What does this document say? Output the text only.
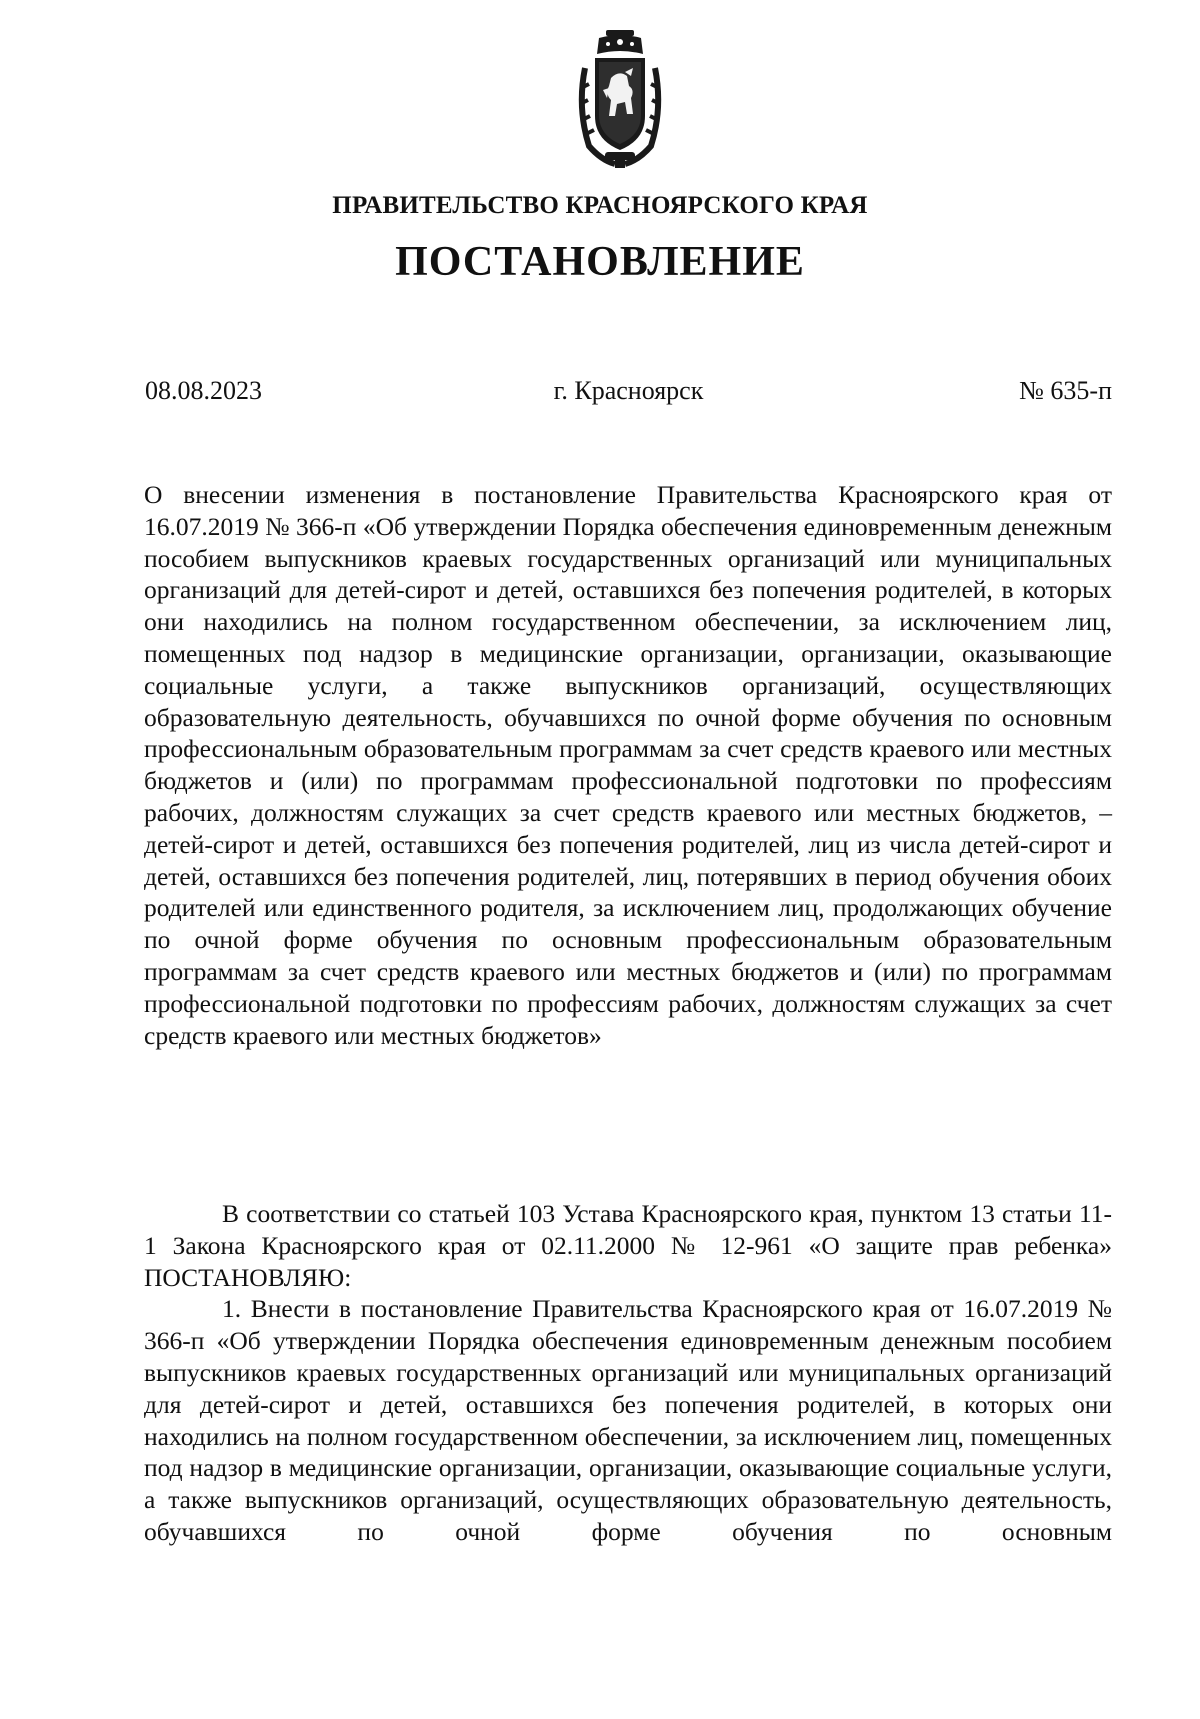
ПРАВИТЕЛЬСТВО КРАСНОЯРСКОГО КРАЯ
ПОСТАНОВЛЕНИЕ
08.08.2023	г. Красноярск	№ 635-п
О внесении изменения в постановление Правительства Красноярского края от 16.07.2019 № 366-п «Об утверждении Порядка обеспечения единовременным денежным пособием выпускников краевых государственных организаций или муниципальных организаций для детей-сирот и детей, оставшихся без попечения родителей, в которых они находились на полном государственном обеспечении, за исключением лиц, помещенных под надзор в медицинские организации, организации, оказывающие социальные услуги, а также выпускников организаций, осуществляющих образовательную деятельность, обучавшихся по очной форме обучения по основным профессиональным образовательным программам за счет средств краевого или местных бюджетов и (или) по программам профессиональной подготовки по профессиям рабочих, должностям служащих за счет средств краевого или местных бюджетов, – детей-сирот и детей, оставшихся без попечения родителей, лиц из числа детей-сирот и детей, оставшихся без попечения родителей, лиц, потерявших в период обучения обоих родителей или единственного родителя, за исключением лиц, продолжающих обучение по очной форме обучения по основным профессиональным образовательным программам за счет средств краевого или местных бюджетов и (или) по программам профессиональной подготовки по профессиям рабочих, должностям служащих за счет средств краевого или местных бюджетов»

В соответствии со статьей 103 Устава Красноярского края, пунктом 13 статьи 11-1 Закона Красноярского края от 02.11.2000 № 12-961 «О защите прав ребенка» ПОСТАНОВЛЯЮ:

1. Внести в постановление Правительства Красноярского края от 16.07.2019 № 366-п «Об утверждении Порядка обеспечения единовременным денежным пособием выпускников краевых государственных организаций или муниципальных организаций для детей-сирот и детей, оставшихся без попечения родителей, в которых они находились на полном государственном обеспечении, за исключением лиц, помещенных под надзор в медицинские организации, организации, оказывающие социальные услуги, а также выпускников организаций, осуществляющих образовательную деятельность, обучавшихся по очной форме обучения по основным
